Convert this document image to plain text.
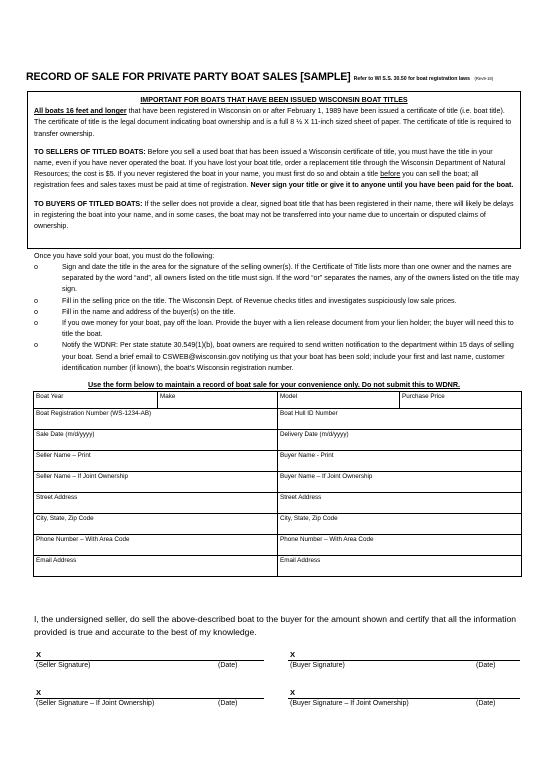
RECORD OF SALE FOR PRIVATE PARTY BOAT SALES [SAMPLE] Refer to WI S.S. 30.50 for boat registration laws (Rev9-19)
IMPORTANT FOR BOATS THAT HAVE BEEN ISSUED WISCONSIN BOAT TITLES

All boats 16 feet and longer that have been registered in Wisconsin on or after February 1, 1989 have been issued a certificate of title (i.e. boat title). The certificate of title is the legal document indicating boat ownership and is a full 8 ½ X 11-inch sized sheet of paper. The certificate of title is required to transfer ownership.

TO SELLERS OF TITLED BOATS: Before you sell a used boat that has been issued a Wisconsin certificate of title, you must have the title in your name, even if you have never operated the boat. If you have lost your boat title, order a replacement title through the Wisconsin Department of Natural Resources; the cost is $5. If you never registered the boat in your name, you must first do so and obtain a title before you can sell the boat; all registration fees and sales taxes must be paid at time of registration. Never sign your title or give it to anyone until you have been paid for the boat.

TO BUYERS OF TITLED BOATS: If the seller does not provide a clear, signed boat title that has been registered in their name, there will likely be delays in registering the boat into your name, and in some cases, the boat may not be transferred into your name due to uncertain or disputed claims of ownership.

Once you have sold your boat, you must do the following:
o	Sign and date the title in the area for the signature of the selling owner(s). If the Certificate of Title lists more than one owner and the names are separated by the word “and”, all owners listed on the title must sign. If the word “or” separates the names, any of the owners listed on the title may sign.
o	Fill in the selling price on the title. The Wisconsin Dept. of Revenue checks titles and investigates suspiciously low sale prices.
o	Fill in the name and address of the buyer(s) on the title.
o	If you owe money for your boat, pay off the loan. Provide the buyer with a lien release document from your lien holder; the buyer will need this to title the boat.
o	Notify the WDNR: Per state statute 30.549(1)(b), boat owners are required to send written notification to the department within 15 days of selling your boat. Send a brief email to CSWEB@wisconsin.gov notifying us that your boat has been sold; include your first and last name, customer identification number (if known), the boat’s Wisconsin registration number.
Use the form below to maintain a record of boat sale for your convenience only. Do not submit this to WDNR.
Boat Year	Make	Model	Purchase Price
Boat Registration Number (WS-1234-AB)		Boat Hull ID Number	
Sale Date (m/d/yyyy)		Delivery Date (m/d/yyyy)	
Seller Name – Print		Buyer Name - Print	
Seller Name – If Joint Ownership		Buyer Name – If Joint Ownership	
Street Address		Street Address	
City, State, Zip Code		City, State, Zip Code	
Phone Number – With Area Code		Phone Number – With Area Code	
Email Address		Email Address	
I, the undersigned seller, do sell the above-described boat to the buyer for the amount shown and certify that all the information provided is true and accurate to the best of my knowledge.
X
(Seller Signature)	(Date)
X
(Buyer Signature)	(Date)
X
(Seller Signature – If Joint Ownership)	(Date)
X
(Buyer Signature – If Joint Ownership)	(Date)
